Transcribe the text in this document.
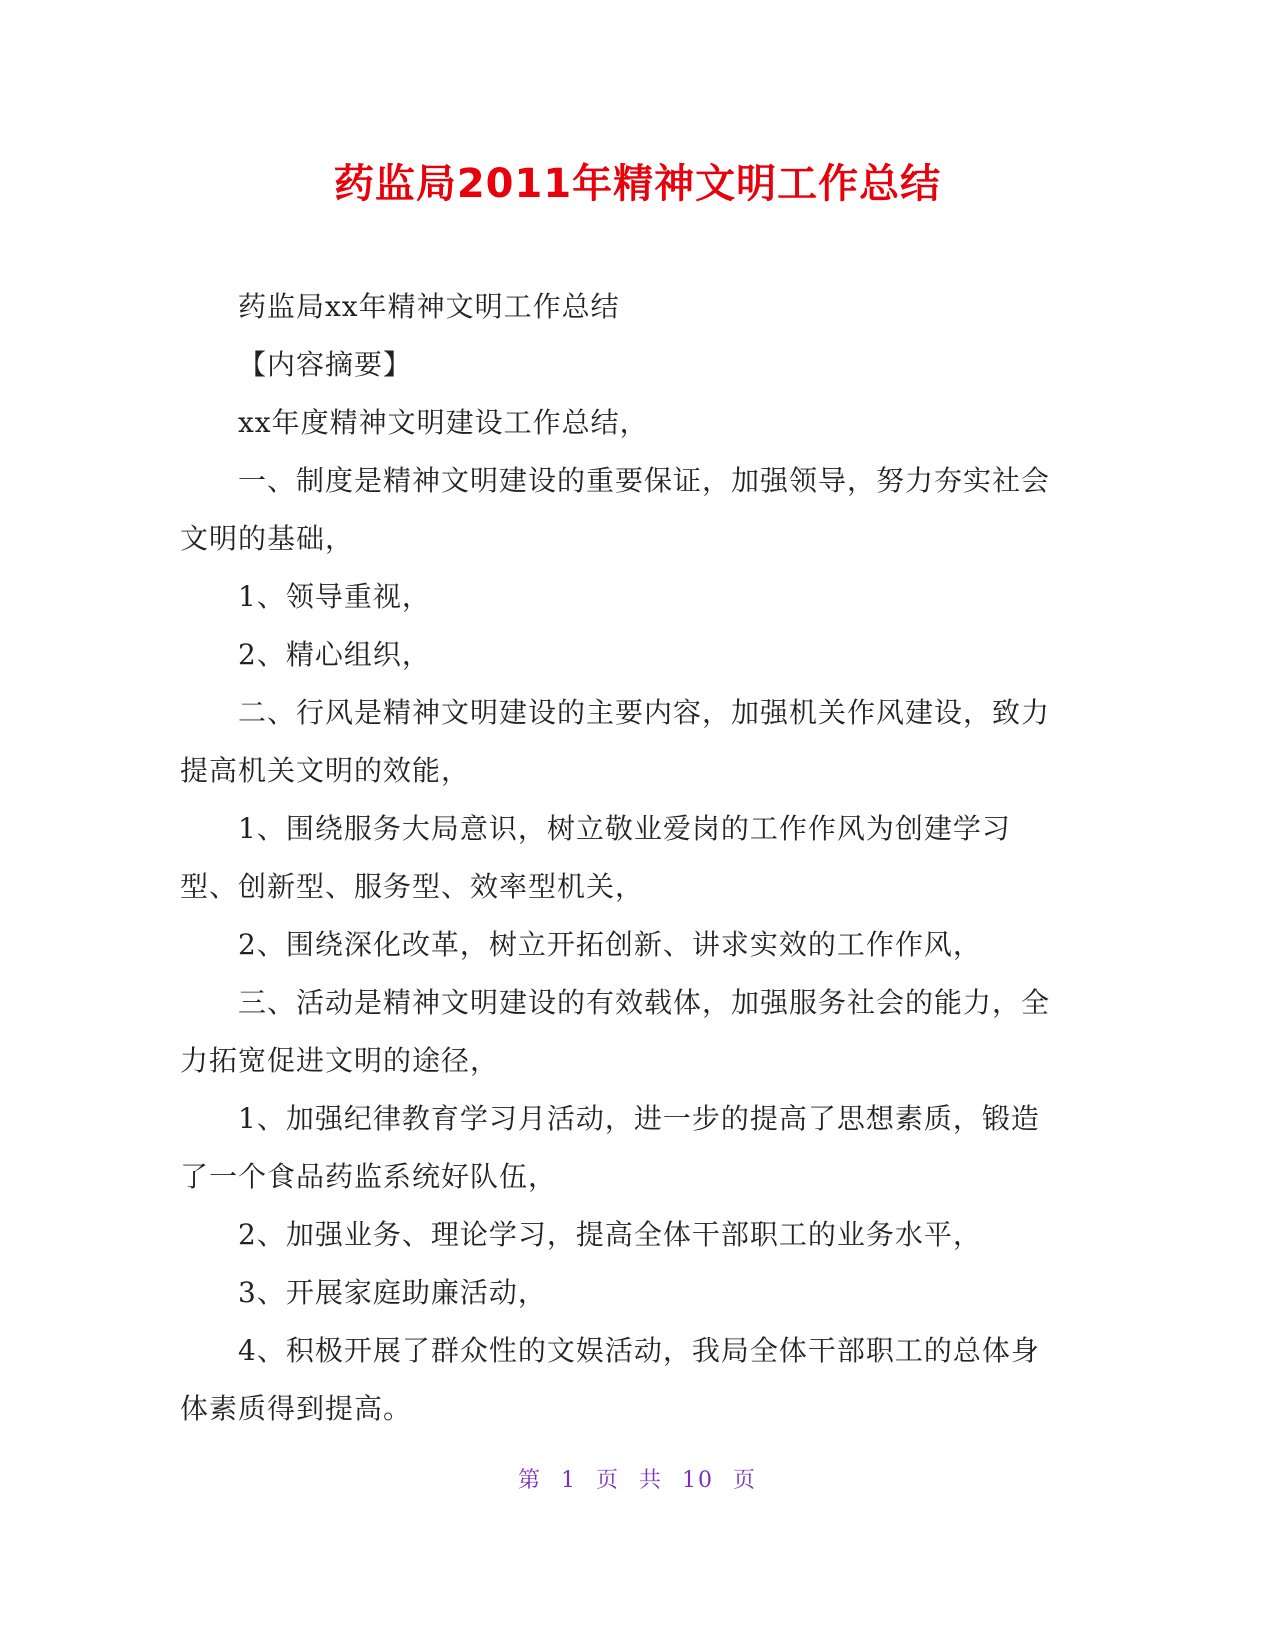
药监局2011年精神文明工作总结

药监局xx年精神文明工作总结

【内容摘要】

xx年度精神文明建设工作总结，

一、制度是精神文明建设的重要保证，加强领导，努力夯实社会文明的基础，

1、领导重视，

2、精心组织，

二、行风是精神文明建设的主要内容，加强机关作风建设，致力提高机关文明的效能，

1、围绕服务大局意识，树立敬业爱岗的工作作风为创建学习型、创新型、服务型、效率型机关，

2、围绕深化改革，树立开拓创新、讲求实效的工作作风，

三、活动是精神文明建设的有效载体，加强服务社会的能力，全力拓宽促进文明的途径，

1、加强纪律教育学习月活动，进一步的提高了思想素质，锻造了一个食品药监系统好队伍，

2、加强业务、理论学习，提高全体干部职工的业务水平，

3、开展家庭助廉活动，

4、积极开展了群众性的文娱活动，我局全体干部职工的总体身体素质得到提高。

第 1 页 共 10 页
